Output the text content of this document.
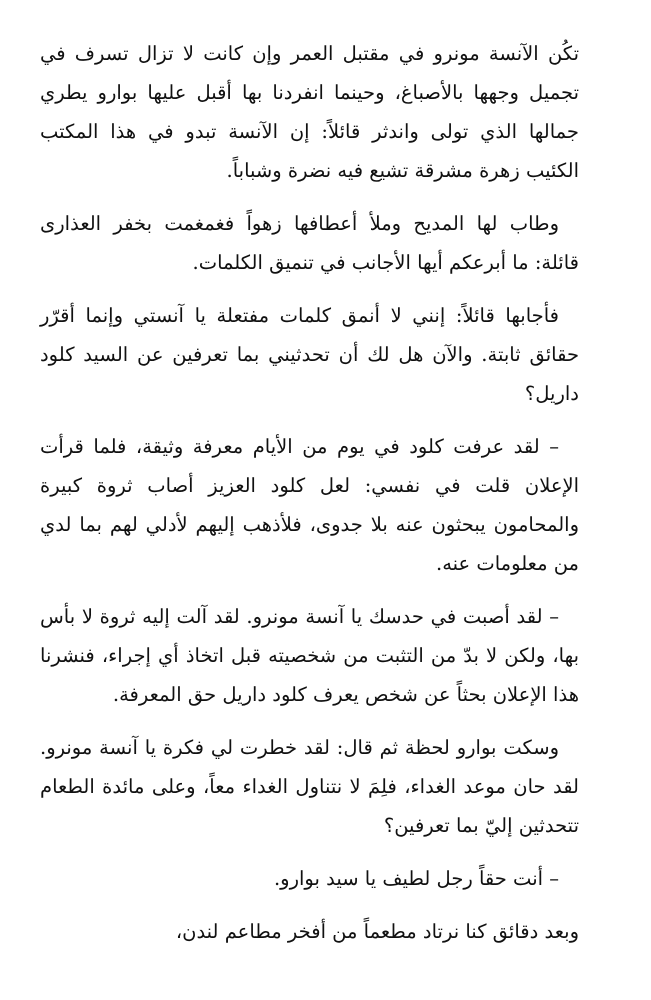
تكُن الآنسة مونرو في مقتبل العمر وإن كانت لا تزال تسرف في تجميل وجهها بالأصباغ، وحينما انفردنا بها أقبل عليها بوارو يطري جمالها الذي تولى واندثر قائلاً: إن الآنسة تبدو في هذا المكتب الكئيب زهرة مشرقة تشيع فيه نضرة وشباباً.

وطاب لها المديح وملأ أعطافها زهواً فغمغمت بخفر العذارى قائلة: ما أبرعكم أيها الأجانب في تنميق الكلمات.

فأجابها قائلاً: إنني لا أنمق كلمات مفتعلة يا آنستي وإنما أقرّر حقائق ثابتة. والآن هل لك أن تحدثيني بما تعرفين عن السيد كلود داريل؟

– لقد عرفت كلود في يوم من الأيام معرفة وثيقة، فلما قرأت الإعلان قلت في نفسي: لعل كلود العزيز أصاب ثروة كبيرة والمحامون يبحثون عنه بلا جدوى، فلأذهب إليهم لأدلي لهم بما لدي من معلومات عنه.

– لقد أصبت في حدسك يا آنسة مونرو. لقد آلت إليه ثروة لا بأس بها، ولكن لا بدّ من التثبت من شخصيته قبل اتخاذ أي إجراء، فنشرنا هذا الإعلان بحثاً عن شخص يعرف كلود داريل حق المعرفة.

وسكت بوارو لحظة ثم قال: لقد خطرت لي فكرة يا آنسة مونرو. لقد حان موعد الغداء، فلِمَ لا نتناول الغداء معاً، وعلى مائدة الطعام تتحدثين إليّ بما تعرفين؟

– أنت حقاً رجل لطيف يا سيد بوارو.

وبعد دقائق كنا نرتاد مطعماً من أفخر مطاعم لندن،
